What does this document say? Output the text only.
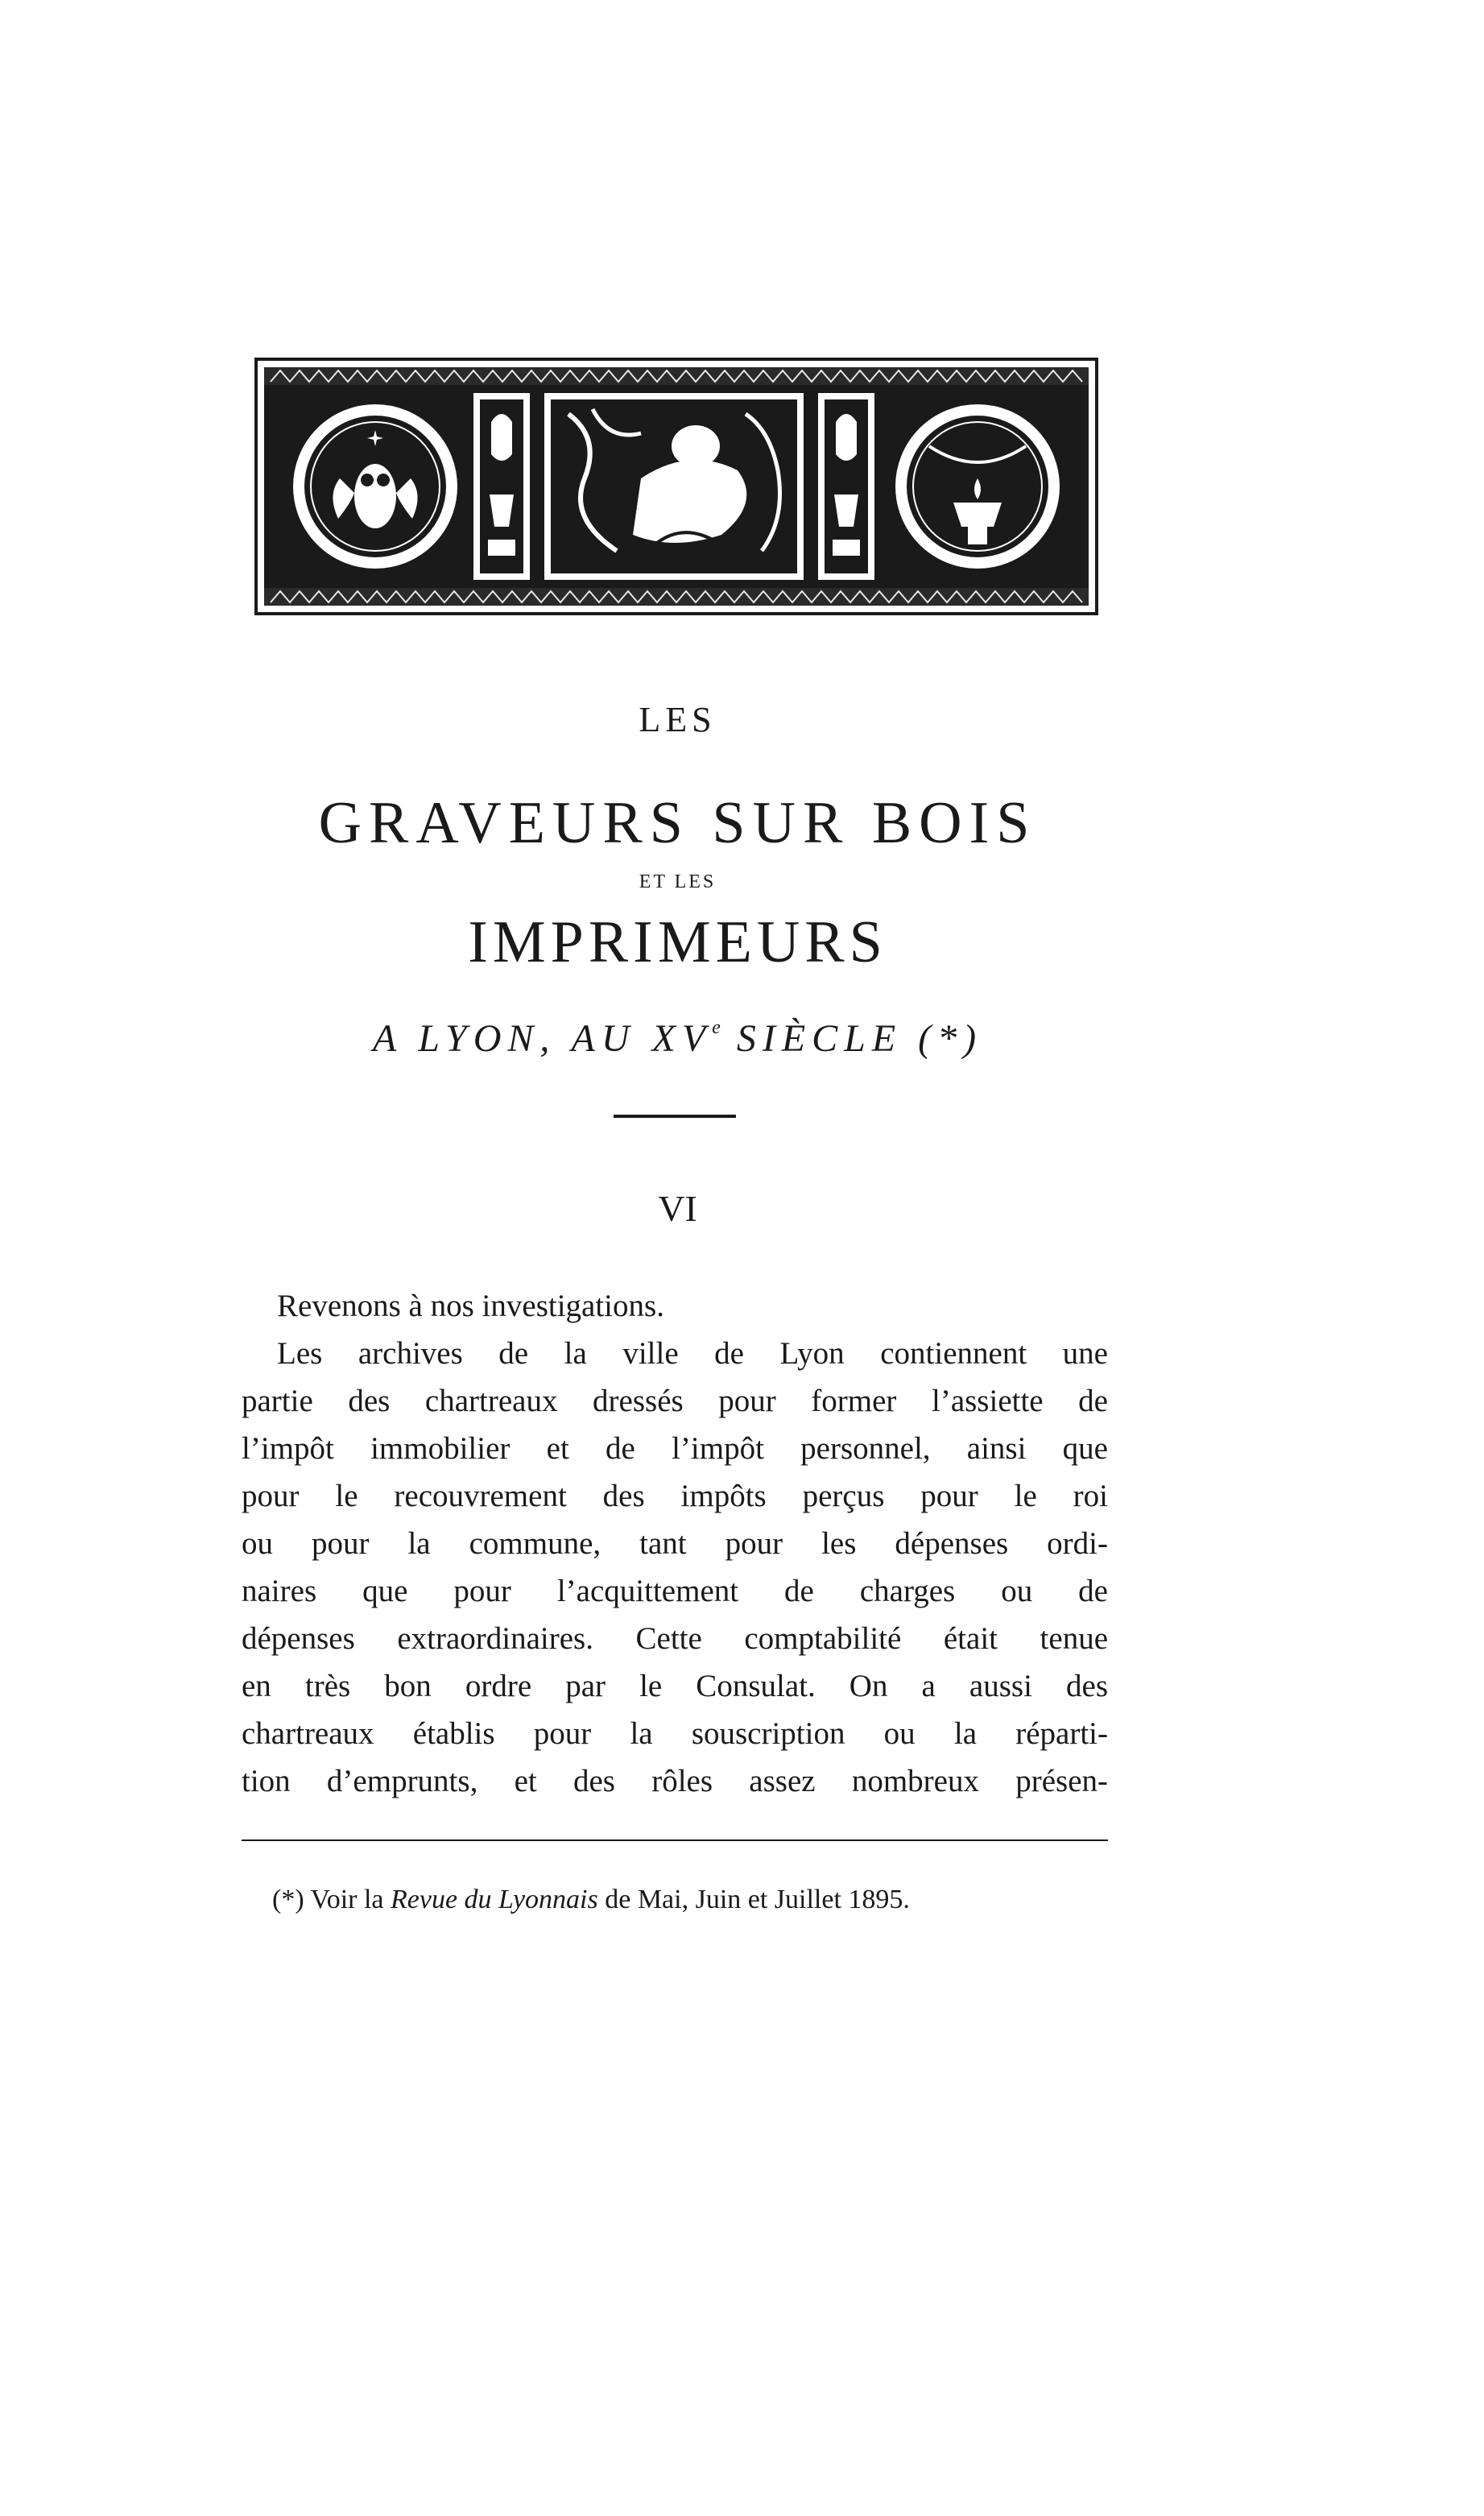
LES
GRAVEURS SUR BOIS
ET LES
IMPRIMEURS
A LYON, AU XVe SIÈCLE (*)
VI
Revenons à nos investigations.
Les archives de la ville de Lyon contiennent une
partie des chartreaux dressés pour former l’assiette de
l’impôt immobilier et de l’impôt personnel, ainsi que
pour le recouvrement des impôts perçus pour le roi
ou pour la commune, tant pour les dépenses ordi-
naires que pour l’acquittement de charges ou de
dépenses extraordinaires. Cette comptabilité était tenue
en très bon ordre par le Consulat. On a aussi des
chartreaux établis pour la souscription ou la réparti-
tion d’emprunts, et des rôles assez nombreux présen-
(*) Voir la Revue du Lyonnais de Mai, Juin et Juillet 1895.
